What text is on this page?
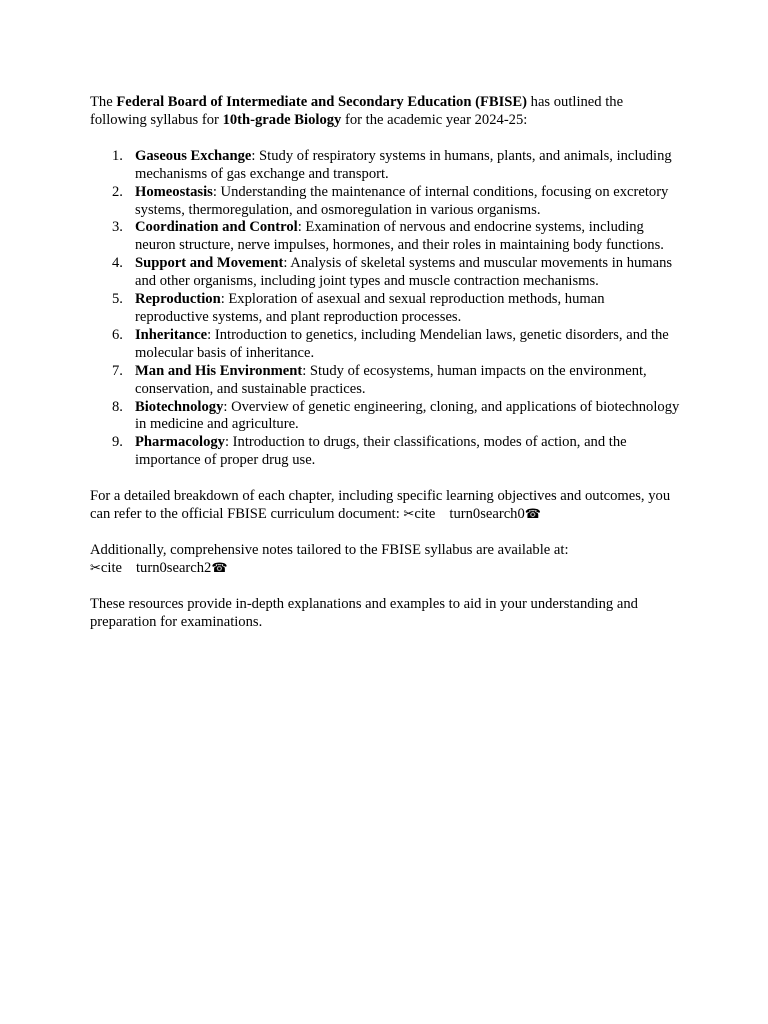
The Federal Board of Intermediate and Secondary Education (FBISE) has outlined the following syllabus for 10th-grade Biology for the academic year 2024-25:

1. Gaseous Exchange: Study of respiratory systems in humans, plants, and animals, including mechanisms of gas exchange and transport.
2. Homeostasis: Understanding the maintenance of internal conditions, focusing on excretory systems, thermoregulation, and osmoregulation in various organisms.
3. Coordination and Control: Examination of nervous and endocrine systems, including neuron structure, nerve impulses, hormones, and their roles in maintaining body functions.
4. Support and Movement: Analysis of skeletal systems and muscular movements in humans and other organisms, including joint types and muscle contraction mechanisms.
5. Reproduction: Exploration of asexual and sexual reproduction methods, human reproductive systems, and plant reproduction processes.
6. Inheritance: Introduction to genetics, including Mendelian laws, genetic disorders, and the molecular basis of inheritance.
7. Man and His Environment: Study of ecosystems, human impacts on the environment, conservation, and sustainable practices.
8. Biotechnology: Overview of genetic engineering, cloning, and applications of biotechnology in medicine and agriculture.
9. Pharmacology: Introduction to drugs, their classifications, modes of action, and the importance of proper drug use.

For a detailed breakdown of each chapter, including specific learning objectives and outcomes, you can refer to the official FBISE curriculum document: ✂cite turn0search0☎

Additionally, comprehensive notes tailored to the FBISE syllabus are available at:
✂cite turn0search2☎

These resources provide in-depth explanations and examples to aid in your understanding and preparation for examinations.
